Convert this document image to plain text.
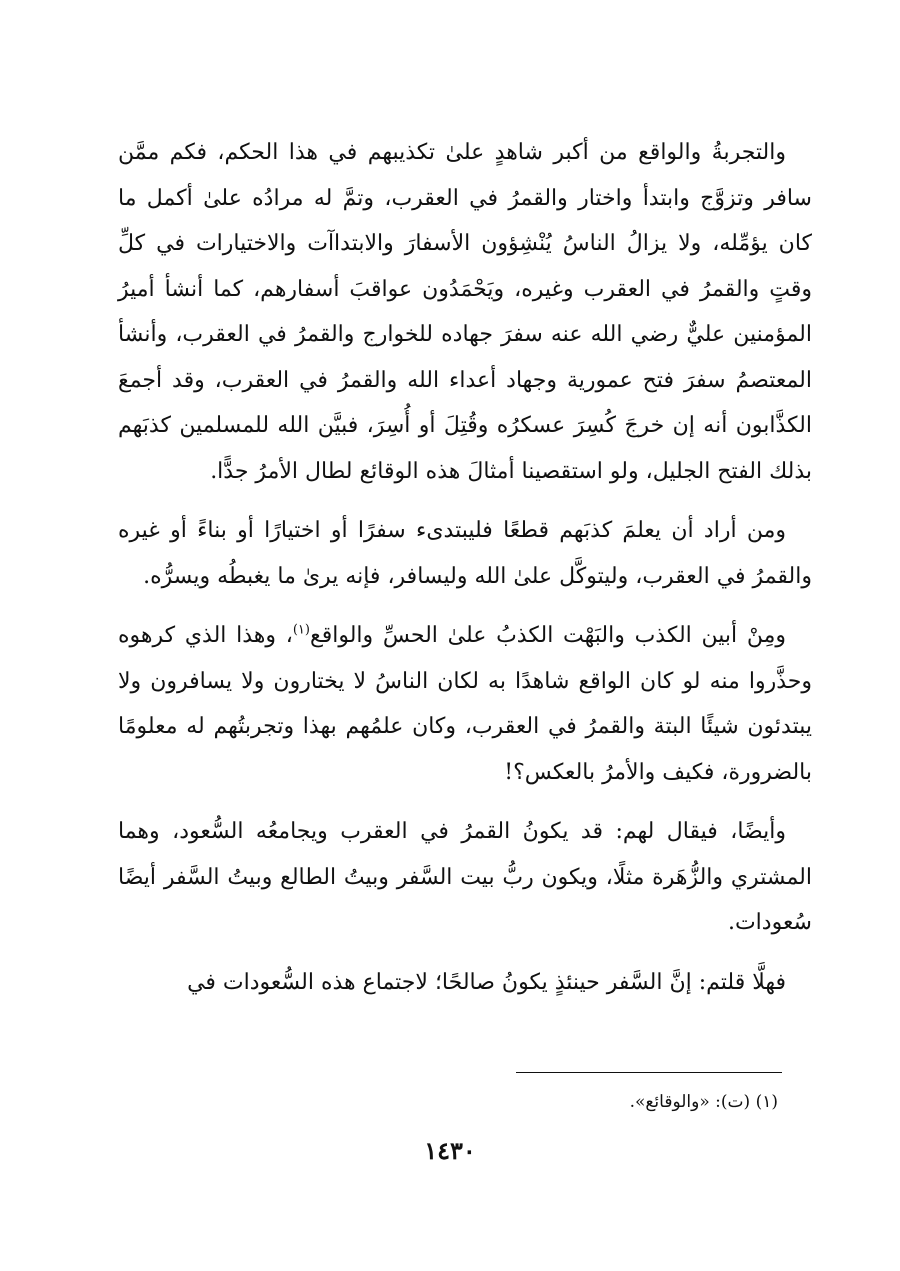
والتجربةُ والواقع من أكبر شاهدٍ علىٰ تكذيبهم في هذا الحكم، فكم ممَّن سافر وتزوَّج وابتدأ واختار والقمرُ في العقرب، وتمَّ له مرادُه علىٰ أكمل ما كان يؤمِّله، ولا يزالُ الناسُ يُنْشِؤون الأسفارَ والابتداآت والاختيارات في كلِّ وقتٍ والقمرُ في العقرب وغيره، ويَحْمَدُون عواقبَ أسفارهم، كما أنشأ أميرُ المؤمنين عليٌّ رضي الله عنه سفرَ جهاده للخوارج والقمرُ في العقرب، وأنشأ المعتصمُ سفرَ فتح عمورية وجهاد أعداء الله والقمرُ في العقرب، وقد أجمعَ الكذَّابون أنه إن خرجَ كُسِرَ عسكرُه وقُتِلَ أو أُسِرَ، فبيَّن الله للمسلمين كذبَهم بذلك الفتح الجليل، ولو استقصينا أمثالَ هذه الوقائع لطال الأمرُ جدًّا.

ومن أراد أن يعلمَ كذبَهم قطعًا فليبتدىء سفرًا أو اختيارًا أو بناءً أو غيره والقمرُ في العقرب، وليتوكَّل علىٰ الله وليسافر، فإنه يرىٰ ما يغبطُه ويسرُّه.

ومِنْ أبين الكذب والبَهْت الكذبُ علىٰ الحسِّ والواقع$^{(١)}$، وهذا الذي كرهوه وحذَّروا منه لو كان الواقع شاهدًا به لكان الناسُ لا يختارون ولا يسافرون ولا يبتدئون شيئًا البتة والقمرُ في العقرب، وكان علمُهم بهذا وتجربتُهم له معلومًا بالضرورة، فكيف والأمرُ بالعكس؟!

وأيضًا، فيقال لهم: قد يكونُ القمرُ في العقرب ويجامعُه السُّعود، وهما المشتري والزُّهَرة مثلًا، ويكون ربُّ بيت السَّفر وبيتُ الطالع وبيتُ السَّفر أيضًا سُعودات.

فهلَّا قلتم: إنَّ السَّفر حينئذٍ يكونُ صالحًا؛ لاجتماع هذه السُّعودات في

(١) (ت): «والوقائع».
١٤٣٠
